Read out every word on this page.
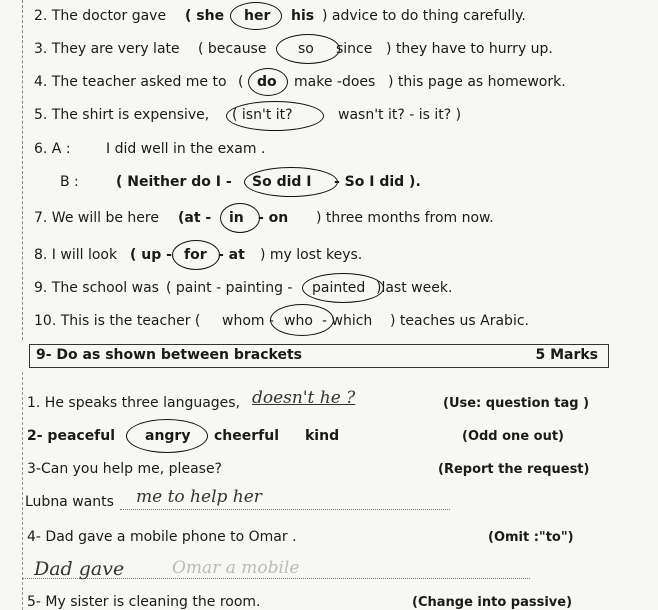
2. The doctor gave ( she her his ) advice to do thing carefully.
3. They are very late ( because so since ) they have to hurry up.
4. The teacher asked me to ( do make -does ) this page as homework.
5. The shirt is expensive, ( isn't it?	wasn't it? - is it? )
6. A :	I did well in the exam .
B :	( Neither do I - So did I - So I did ).
7. We will be here (at - in - on ) three months from now.
8. I will look ( up - for - at ) my lost keys.
9. The school was ( paint - painting - painted )last week.
10. This is the teacher ( whom - who - which ) teaches us Arabic.
9- Do as shown between brackets	5 Marks
1. He speaks three languages, doesn't he ?	(Use: question tag )
2- peaceful angry cheerful kind	(Odd one out)
3-Can you help me, please?	(Report the request)
Lubna wants me to help her
4- Dad gave a mobile phone to Omar .	(Omit :"to")
Dad gave	Omar a mobile
5- My sister is cleaning the room.	(Change into passive)
